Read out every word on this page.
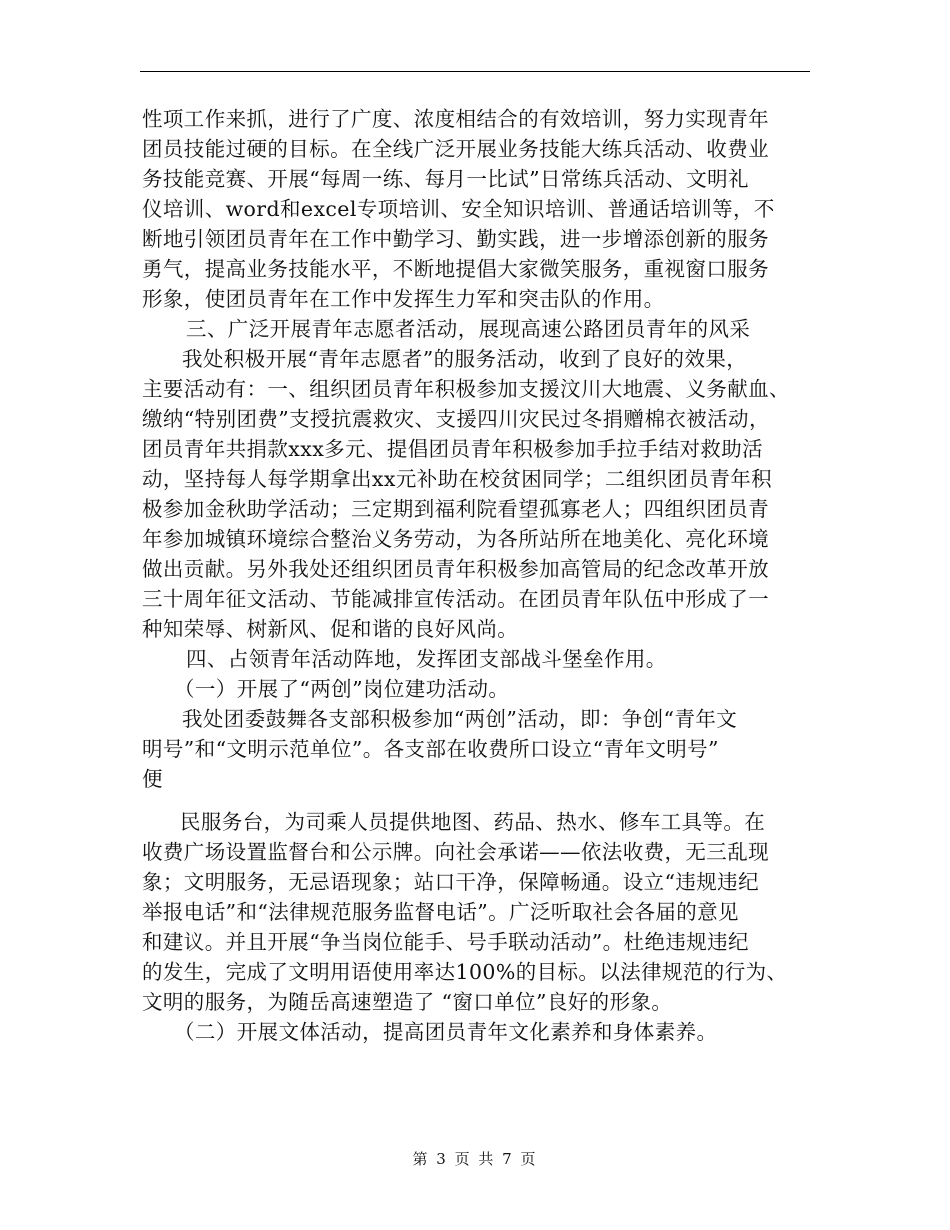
性项工作来抓，进行了广度、浓度相结合的有效培训，努力实现青年
团员技能过硬的目标。在全线广泛开展业务技能大练兵活动、收费业
务技能竞赛、开展“每周一练、每月一比试”日常练兵活动、文明礼
仪培训、word和excel专项培训、安全知识培训、普通话培训等，不
断地引领团员青年在工作中勤学习、勤实践，进一步增添创新的服务
勇气，提高业务技能水平，不断地提倡大家微笑服务，重视窗口服务
形象，使团员青年在工作中发挥生力军和突击队的作用。
三、广泛开展青年志愿者活动，展现高速公路团员青年的风采
我处积极开展“青年志愿者”的服务活动，收到了良好的效果，
主要活动有：一、组织团员青年积极参加支援汶川大地震、义务献血、
缴纳“特别团费”支授抗震救灾、支援四川灾民过冬捐赠棉衣被活动，
团员青年共捐款xxx多元、提倡团员青年积极参加手拉手结对救助活
动，坚持每人每学期拿出xx元补助在校贫困同学；二组织团员青年积
极参加金秋助学活动；三定期到福利院看望孤寡老人；四组织团员青
年参加城镇环境综合整治义务劳动，为各所站所在地美化、亮化环境
做出贡献。另外我处还组织团员青年积极参加高管局的纪念改革开放
三十周年征文活动、节能减排宣传活动。在团员青年队伍中形成了一
种知荣辱、树新风、促和谐的良好风尚。
四、占领青年活动阵地，发挥团支部战斗堡垒作用。
（一）开展了“两创”岗位建功活动。
我处团委鼓舞各支部积极参加“两创”活动，即：争创“青年文
明号”和“文明示范单位”。各支部在收费所口设立“青年文明号”
便
民服务台，为司乘人员提供地图、药品、热水、修车工具等。在
收费广场设置监督台和公示牌。向社会承诺——依法收费，无三乱现
象；文明服务，无忌语现象；站口干净，保障畅通。设立“违规违纪
举报电话”和“法律规范服务监督电话”。广泛听取社会各届的意见
和建议。并且开展“争当岗位能手、号手联动活动”。杜绝违规违纪
的发生，完成了文明用语使用率达100%的目标。以法律规范的行为、
文明的服务，为随岳高速塑造了 “窗口单位”良好的形象。
（二）开展文体活动，提高团员青年文化素养和身体素养。
第 3 页 共 7 页
